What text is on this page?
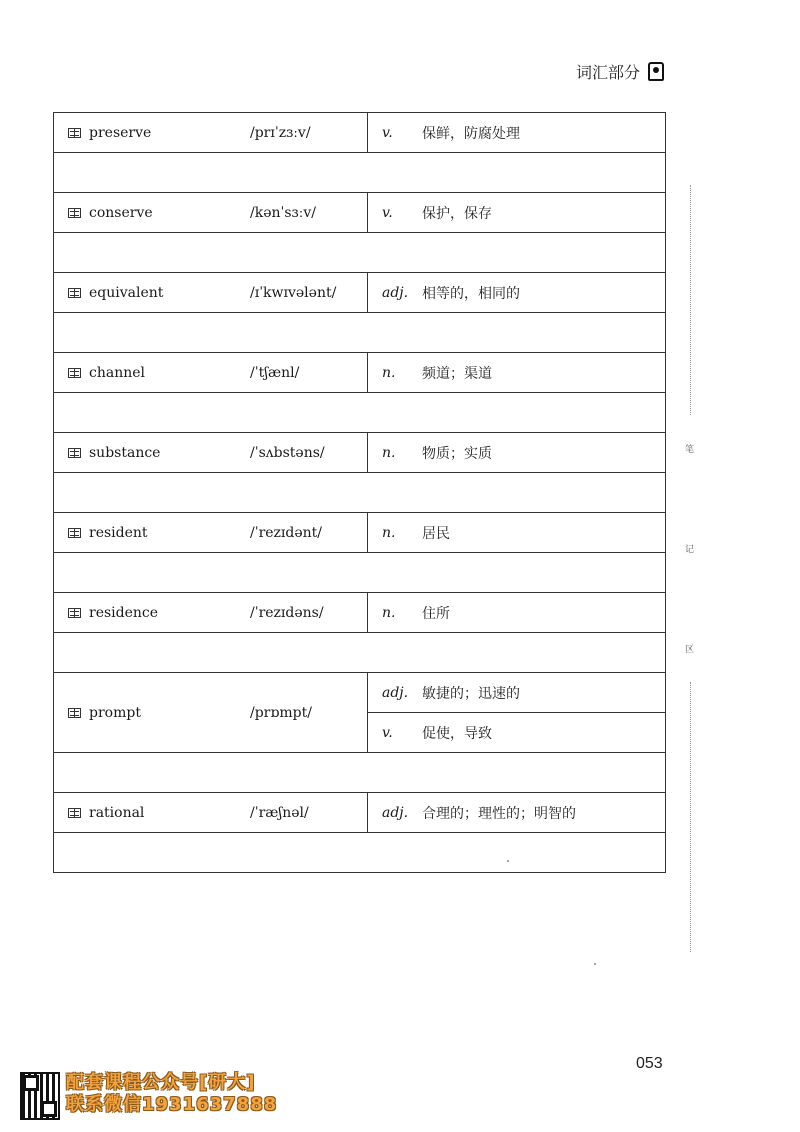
词汇部分
preserve	/prɪˈzɜːv/	v.	保鲜，防腐处理
conserve	/kənˈsɜːv/	v.	保护，保存
equivalent	/ɪˈkwɪvələnt/	adj. 相等的，相同的
channel	/ˈtʃænl/	n.	频道；渠道
substance	/ˈsʌbstəns/	n.	物质；实质
resident	/ˈrezɪdənt/	n.	居民
residence	/ˈrezɪdəns/	n.	住所
prompt	/prɒmpt/
adj. 敏捷的；迅速的
v.	促使，导致
rational	/ˈræʃnəl/	adj. 合理的；理性的；明智的
笔
记
区
053
配套课程公众号[研大]
联系微信1931637888
